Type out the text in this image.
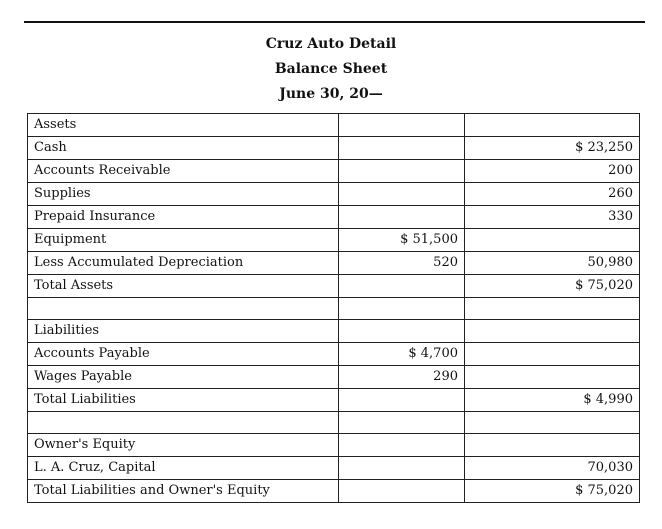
Cruz Auto Detail
Balance Sheet
June 30, 20—
Assets		
Cash		$ 23,250
Accounts Receivable		200
Supplies		260
Prepaid Insurance		330
Equipment	$ 51,500	
Less Accumulated Depreciation	520	50,980
Total Assets		$ 75,020

Liabilities		
Accounts Payable	$ 4,700	
Wages Payable	290	
Total Liabilities		$ 4,990

Owner's Equity		
L. A. Cruz, Capital		70,030
Total Liabilities and Owner's Equity		$ 75,020
